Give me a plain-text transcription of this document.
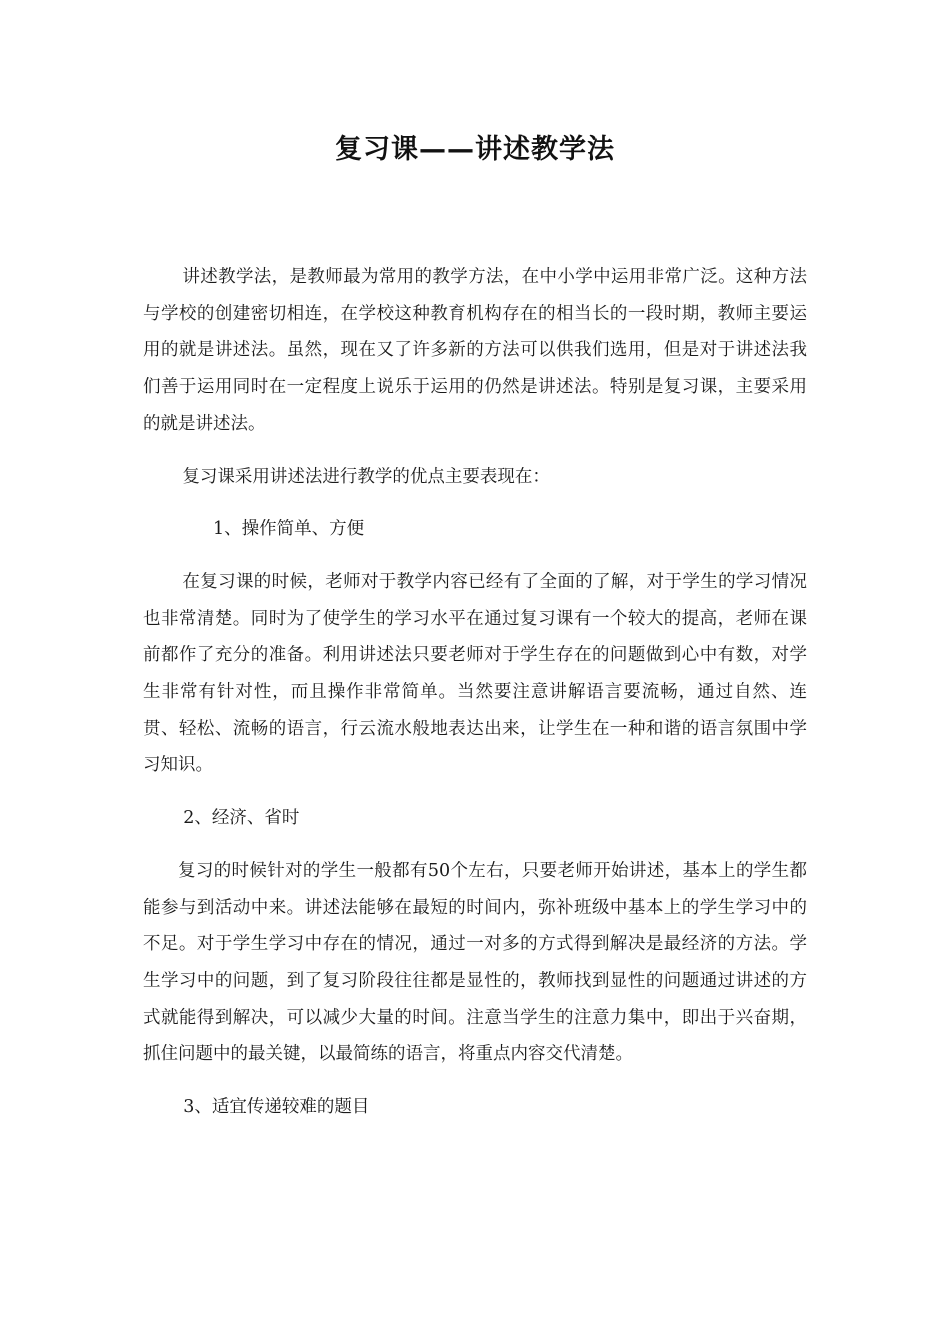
复习课——讲述教学法

讲述教学法，是教师最为常用的教学方法，在中小学中运用非常广泛。这种方法与学校的创建密切相连，在学校这种教育机构存在的相当长的一段时期，教师主要运用的就是讲述法。虽然，现在又了许多新的方法可以供我们选用，但是对于讲述法我们善于运用同时在一定程度上说乐于运用的仍然是讲述法。特别是复习课，主要采用的就是讲述法。

复习课采用讲述法进行教学的优点主要表现在：

1、操作简单、方便

在复习课的时候，老师对于教学内容已经有了全面的了解，对于学生的学习情况也非常清楚。同时为了使学生的学习水平在通过复习课有一个较大的提高，老师在课前都作了充分的准备。利用讲述法只要老师对于学生存在的问题做到心中有数，对学生非常有针对性，而且操作非常简单。当然要注意讲解语言要流畅，通过自然、连贯、轻松、流畅的语言，行云流水般地表达出来，让学生在一种和谐的语言氛围中学习知识。

2、经济、省时

复习的时候针对的学生一般都有50个左右，只要老师开始讲述，基本上的学生都能参与到活动中来。讲述法能够在最短的时间内，弥补班级中基本上的学生学习中的不足。对于学生学习中存在的情况，通过一对多的方式得到解决是最经济的方法。学生学习中的问题，到了复习阶段往往都是显性的，教师找到显性的问题通过讲述的方式就能得到解决，可以减少大量的时间。注意当学生的注意力集中，即出于兴奋期，抓住问题中的最关键，以最简练的语言，将重点内容交代清楚。

3、适宜传递较难的题目
